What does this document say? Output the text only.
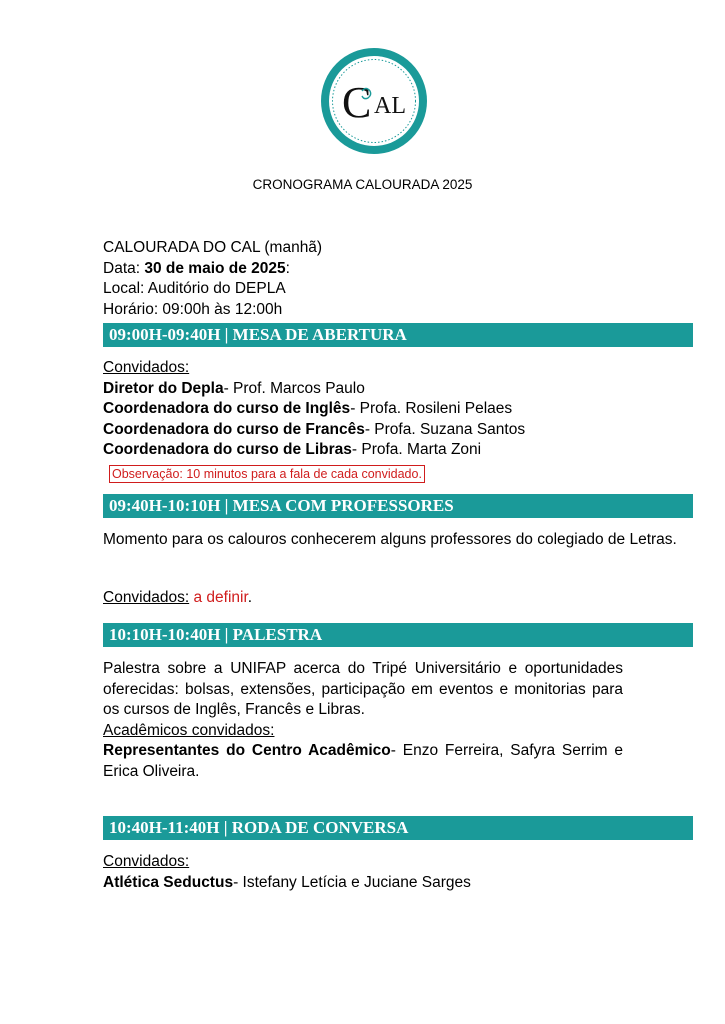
C AL
CRONOGRAMA CALOURADA 2025

CALOURADA DO CAL (manhã)

Data: 30 de maio de 2025:

Local: Auditório do DEPLA

Horário: 09:00h às 12:00h

09:00H-09:40H | MESA DE ABERTURA

Convidados:

Diretor do Depla- Prof. Marcos Paulo

Coordenadora do curso de Inglês- Profa. Rosileni Pelaes

Coordenadora do curso de Francês- Profa. Suzana Santos

Coordenadora do curso de Libras- Profa. Marta Zoni

Observação: 10 minutos para a fala de cada convidado.
09:40H-10:10H | MESA COM PROFESSORES

Momento para os calouros conhecerem alguns professores do colegiado de Letras.

Convidados: a definir.

10:10H-10:40H | PALESTRA

Palestra sobre a UNIFAP acerca do Tripé Universitário e oportunidades oferecidas: bolsas, extensões, participação em eventos e monitorias para os cursos de Inglês, Francês e Libras.

Acadêmicos convidados:

Representantes do Centro Acadêmico- Enzo Ferreira, Safyra Serrim e Erica Oliveira.

10:40H-11:40H | RODA DE CONVERSA

Convidados:

Atlética Seductus- Istefany Letícia e Juciane Sarges
